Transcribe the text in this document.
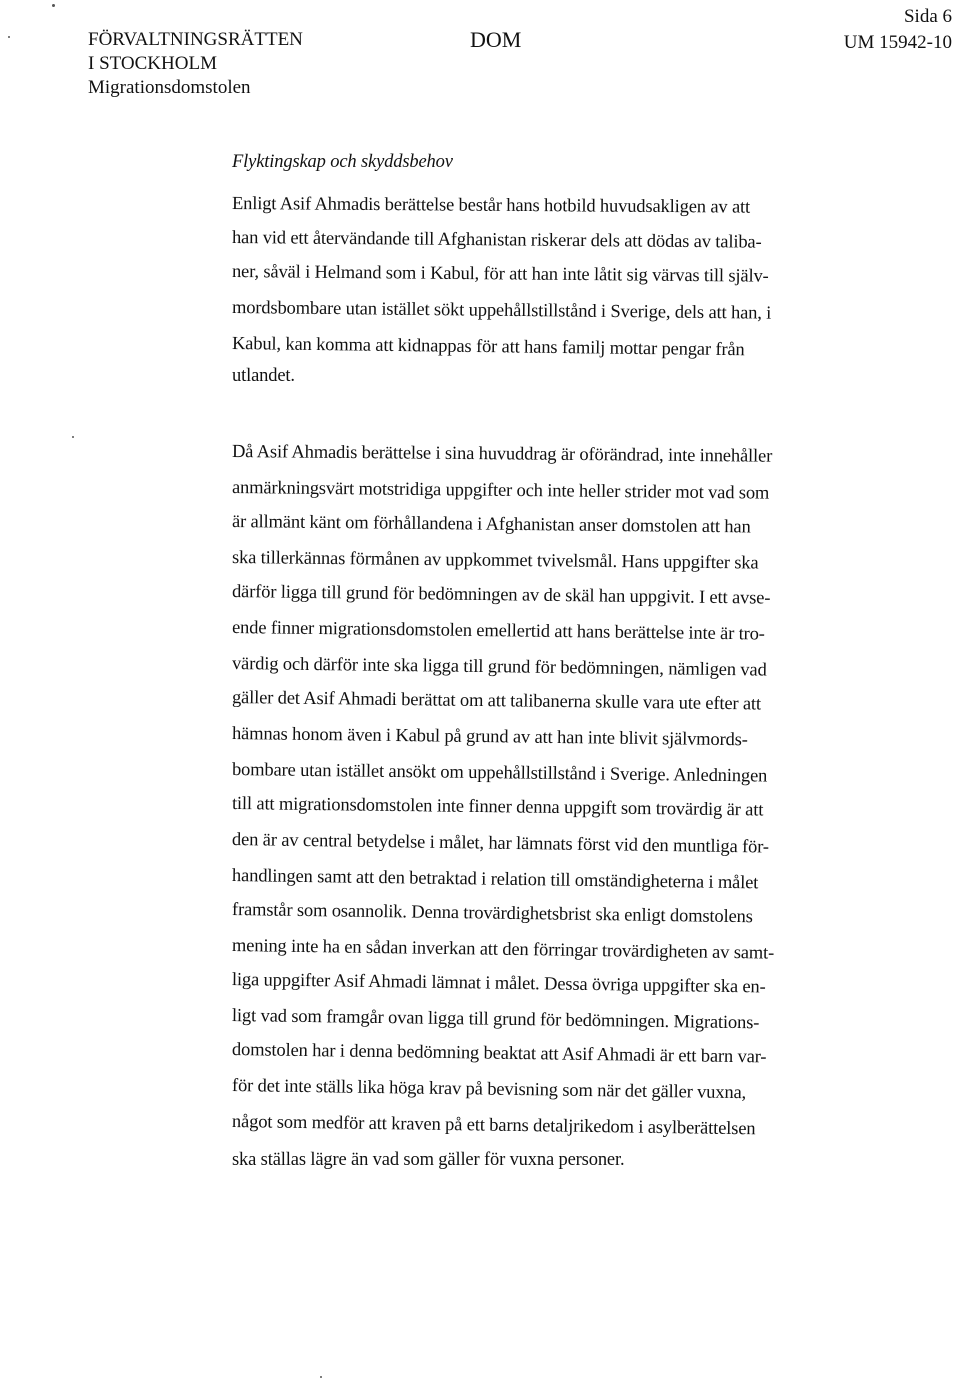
FÖRVALTNINGSRÄTTEN
I STOCKHOLM
Migrationsdomstolen
DOM
Sida 6
UM 15942-10
Flyktingskap och skyddsbehov
Enligt Asif Ahmadis berättelse består hans hotbild huvudsakligen av att
han vid ett återvändande till Afghanistan riskerar dels att dödas av taliba-
ner, såväl i Helmand som i Kabul, för att han inte låtit sig värvas till själv-
mordsbombare utan istället sökt uppehållstillstånd i Sverige, dels att han, i
Kabul, kan komma att kidnappas för att hans familj mottar pengar från
utlandet.
Då Asif Ahmadis berättelse i sina huvuddrag är oförändrad, inte innehåller
anmärkningsvärt motstridiga uppgifter och inte heller strider mot vad som
är allmänt känt om förhållandena i Afghanistan anser domstolen att han
ska tillerkännas förmånen av uppkommet tvivelsmål. Hans uppgifter ska
därför ligga till grund för bedömningen av de skäl han uppgivit. I ett avse-
ende finner migrationsdomstolen emellertid att hans berättelse inte är tro-
värdig och därför inte ska ligga till grund för bedömningen, nämligen vad
gäller det Asif Ahmadi berättat om att talibanerna skulle vara ute efter att
hämnas honom även i Kabul på grund av att han inte blivit självmords-
bombare utan istället ansökt om uppehållstillstånd i Sverige. Anledningen
till att migrationsdomstolen inte finner denna uppgift som trovärdig är att
den är av central betydelse i målet, har lämnats först vid den muntliga för-
handlingen samt att den betraktad i relation till omständigheterna i målet
framstår som osannolik. Denna trovärdighetsbrist ska enligt domstolens
mening inte ha en sådan inverkan att den förringar trovärdigheten av samt-
liga uppgifter Asif Ahmadi lämnat i målet. Dessa övriga uppgifter ska en-
ligt vad som framgår ovan ligga till grund för bedömningen. Migrations-
domstolen har i denna bedömning beaktat att Asif Ahmadi är ett barn var-
för det inte ställs lika höga krav på bevisning som när det gäller vuxna,
något som medför att kraven på ett barns detaljrikedom i asylberättelsen
ska ställas lägre än vad som gäller för vuxna personer.
